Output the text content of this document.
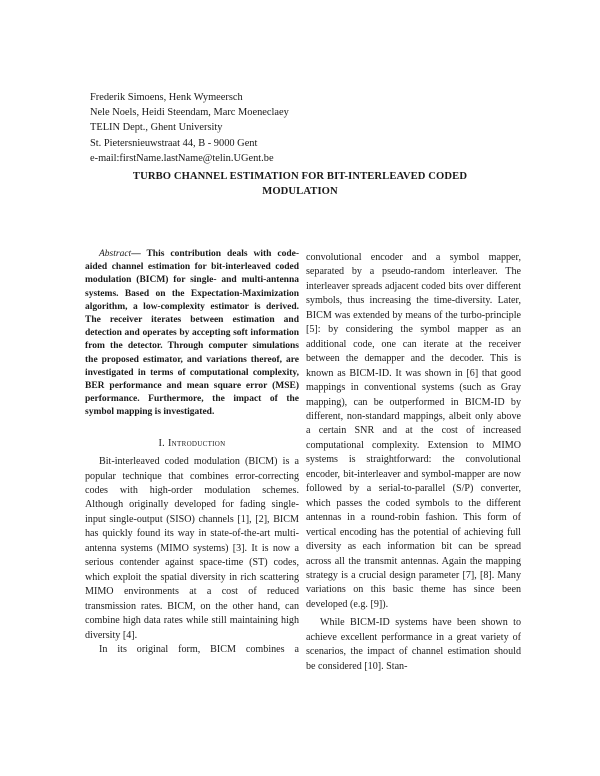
Frederik Simoens, Henk Wymeersch
Nele Noels, Heidi Steendam, Marc Moeneclaey
TELIN Dept., Ghent University
St. Pietersnieuwstraat 44, B - 9000 Gent
e-mail:firstName.lastName@telin.UGent.be
TURBO CHANNEL ESTIMATION FOR BIT-INTERLEAVED CODED MODULATION

Abstract— This contribution deals with code-aided channel estimation for bit-interleaved coded modulation (BICM) for single- and multi-antenna systems. Based on the Expectation-Maximization algorithm, a low-complexity estimator is derived. The receiver iterates between estimation and detection and operates by accepting soft information from the detector. Through computer simulations the proposed estimator, and variations thereof, are investigated in terms of computational complexity, BER performance and mean square error (MSE) performance. Furthermore, the impact of the symbol mapping is investigated.

I. Introduction

Bit-interleaved coded modulation (BICM) is a popular technique that combines error-correcting codes with high-order modulation schemes. Although originally developed for fading single-input single-output (SISO) channels [1], [2], BICM has quickly found its way in state-of-the-art multi-antenna systems (MIMO systems) [3]. It is now a serious contender against space-time (ST) codes, which exploit the spatial diversity in rich scattering MIMO environments at a cost of reduced transmission rates. BICM, on the other hand, can combine high data rates while still maintaining high diversity [4].

In its original form, BICM combines a

convolutional encoder and a symbol mapper, separated by a pseudo-random interleaver. The interleaver spreads adjacent coded bits over different symbols, thus increasing the time-diversity. Later, BICM was extended by means of the turbo-principle [5]: by considering the symbol mapper as an additional code, one can iterate at the receiver between the demapper and the decoder. This is known as BICM-ID. It was shown in [6] that good mappings in conventional systems (such as Gray mapping), can be outperformed in BICM-ID by different, non-standard mappings, albeit only above a certain SNR and at the cost of increased computational complexity. Extension to MIMO systems is straightforward: the convolutional encoder, bit-interleaver and symbol-mapper are now followed by a serial-to-parallel (S/P) converter, which passes the coded symbols to the different antennas in a round-robin fashion. This form of vertical encoding has the potential of achieving full diversity as each information bit can be spread across all the transmit antennas. Again the mapping strategy is a crucial design parameter [7], [8]. Many variations on this basic theme has since been developed (e.g. [9]).

While BICM-ID systems have been shown to achieve excellent performance in a great variety of scenarios, the impact of channel estimation should be considered [10]. Stan-
